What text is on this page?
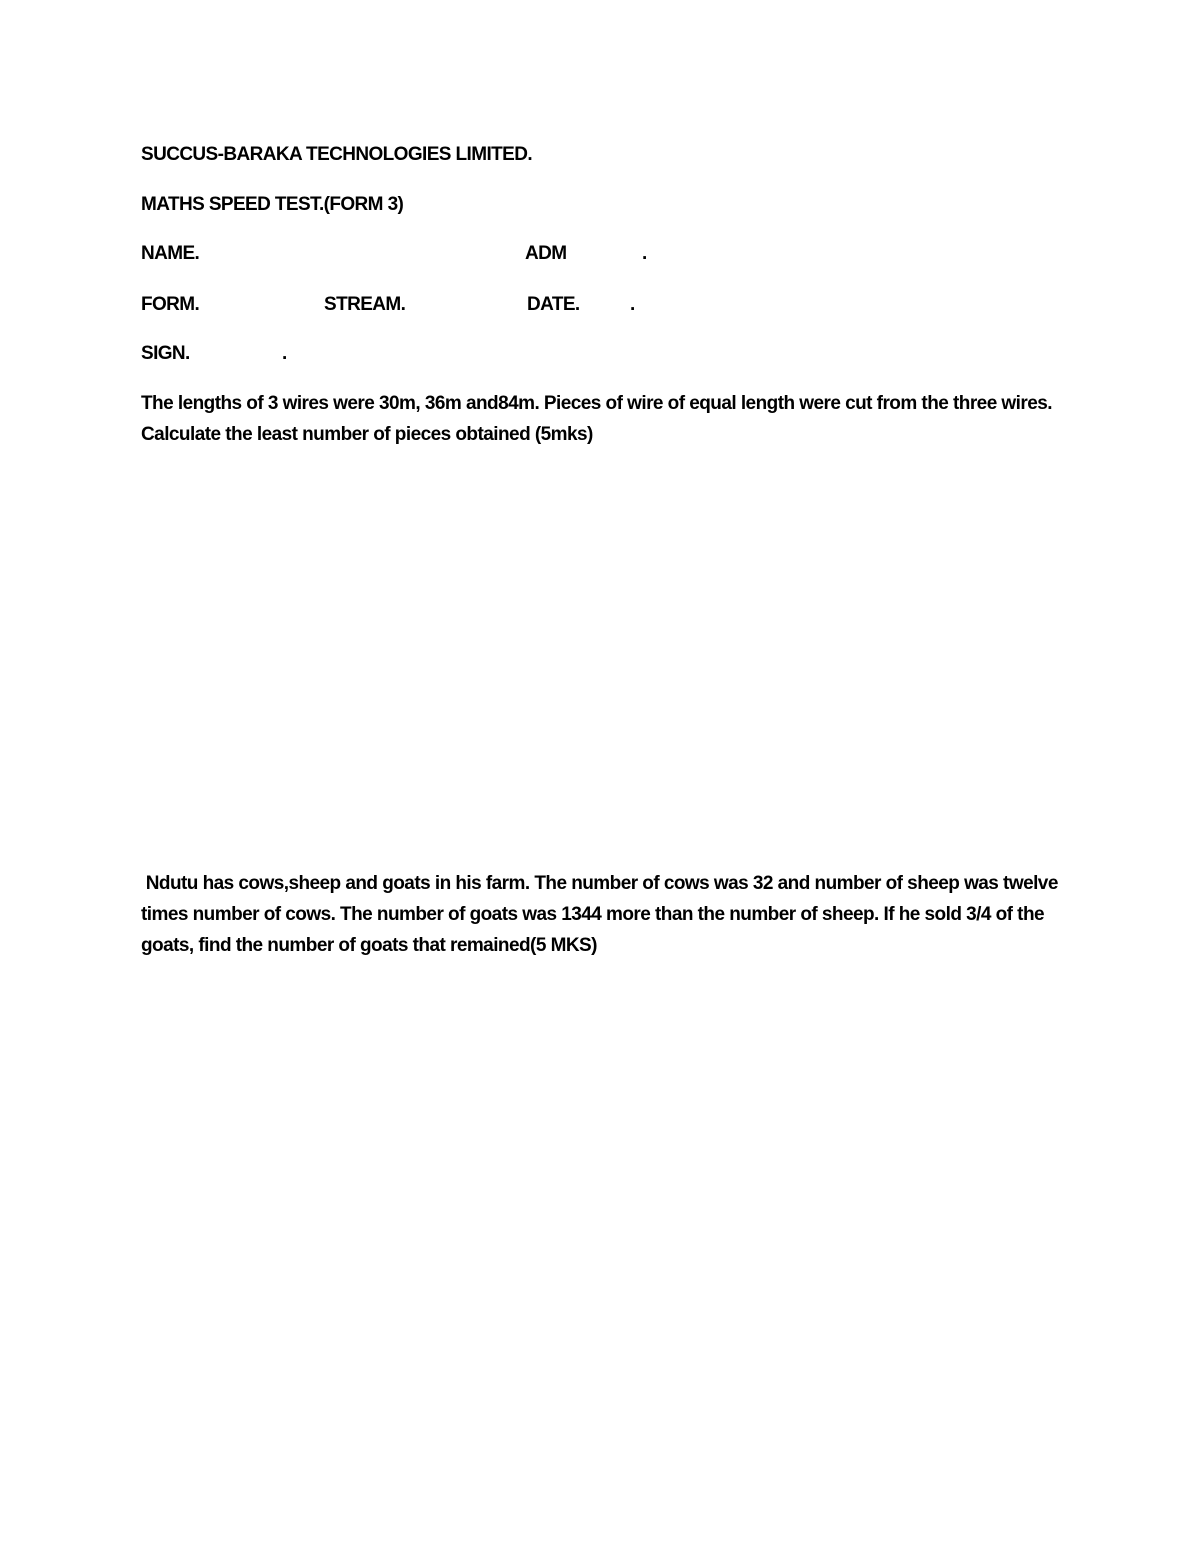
SUCCUS-BARAKA TECHNOLOGIES LIMITED.
MATHS SPEED TEST.(FORM 3)
NAME.	ADM	.
FORM.	STREAM.	DATE.	.
SIGN.	.
The lengths of 3 wires were 30m, 36m and84m. Pieces of wire of equal length were cut from the three wires. Calculate the least number of pieces obtained (5mks)
Ndutu has cows,sheep and goats in his farm. The number of cows was 32 and number of sheep was twelve times number of cows. The number of goats was 1344 more than the number of sheep. If he sold 3/4 of the goats, find the number of goats that remained(5 MKS)
